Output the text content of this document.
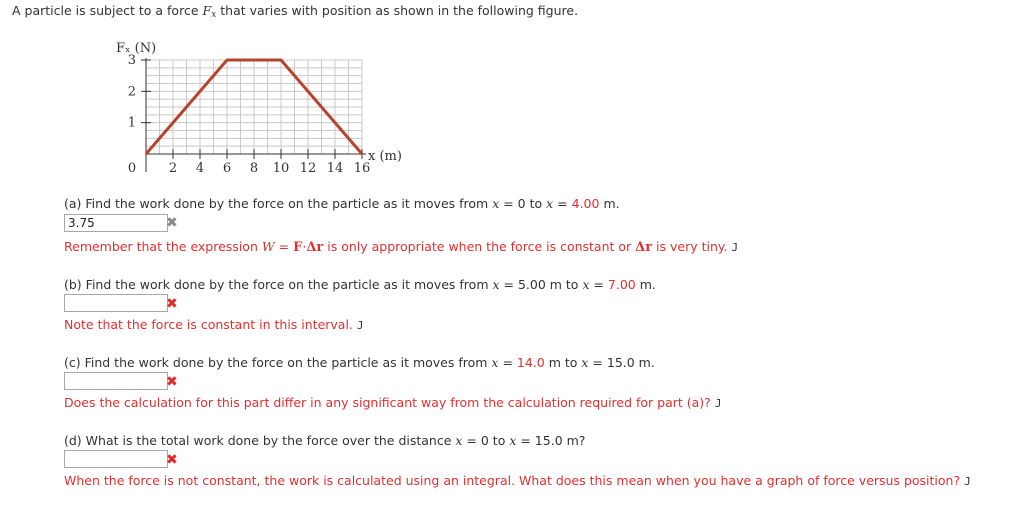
A particle is subject to a force $F_x$ that varies with position as shown in the following figure.
Fₓ (N)
x (m)
3
2
1
0	2 4 6 8 10 12 14 16
(a) Find the work done by the force on the particle as it moves from x = 0 to x = 4.00 m.
3.75
✖
Remember that the expression W = F·Δr is only appropriate when the force is constant or Δr is very tiny. J
(b) Find the work done by the force on the particle as it moves from x = 5.00 m to x = 7.00 m.
✖
Note that the force is constant in this interval. J
(c) Find the work done by the force on the particle as it moves from x = 14.0 m to x = 15.0 m.
✖
Does the calculation for this part differ in any significant way from the calculation required for part (a)? J
(d) What is the total work done by the force over the distance x = 0 to x = 15.0 m?
✖
When the force is not constant, the work is calculated using an integral. What does this mean when you have a graph of force versus position? J
